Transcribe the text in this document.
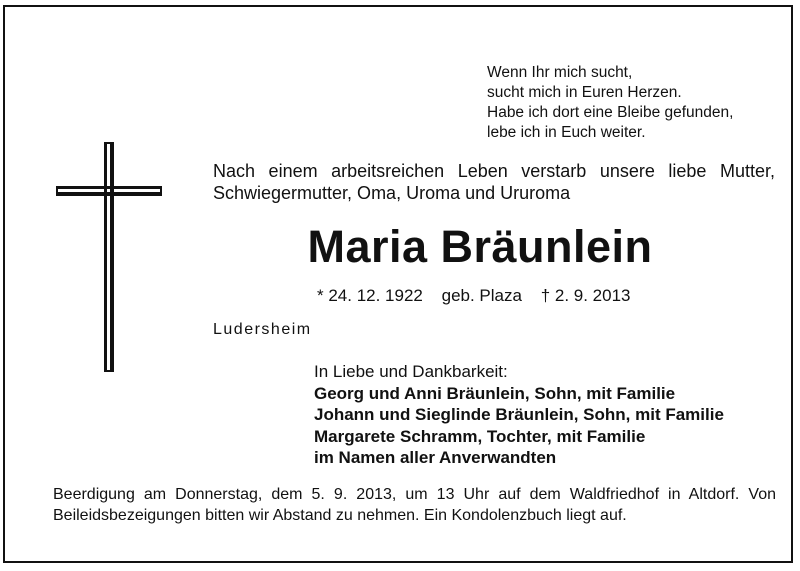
Wenn Ihr mich sucht,
sucht mich in Euren Herzen.
Habe ich dort eine Bleibe gefunden,
lebe ich in Euch weiter.
Nach einem arbeitsreichen Leben verstarb unsere liebe Mutter,
Schwiegermutter, Oma, Uroma und Ururoma
Maria Bräunlein
* 24. 12. 1922 geb. Plaza † 2. 9. 2013
Ludersheim
In Liebe und Dankbarkeit:
Georg und Anni Bräunlein, Sohn, mit Familie
Johann und Sieglinde Bräunlein, Sohn, mit Familie
Margarete Schramm, Tochter, mit Familie
im Namen aller Anverwandten
Beerdigung am Donnerstag, dem 5. 9. 2013, um 13 Uhr auf dem Waldfriedhof in Altdorf. Von
Beileidsbezeigungen bitten wir Abstand zu nehmen. Ein Kondolenzbuch liegt auf.
